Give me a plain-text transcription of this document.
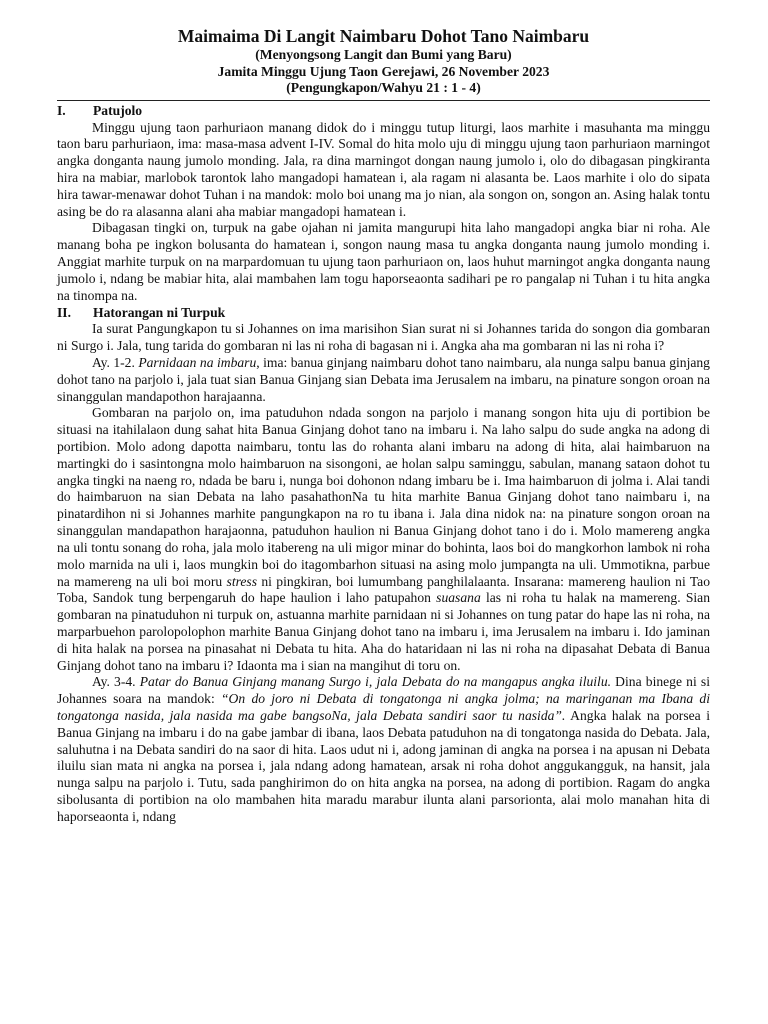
Maimaima Di Langit Naimbaru Dohot Tano Naimbaru
(Menyongsong Langit dan Bumi yang Baru)
Jamita Minggu Ujung Taon Gerejawi, 26 November 2023
(Pengungkapon/Wahyu 21 : 1 - 4)
I. Patujolo

Minggu ujung taon parhuriaon manang didok do i minggu tutup liturgi, laos marhite i masuhanta ma minggu taon baru parhuriaon, ima: masa-masa advent I-IV. Somal do hita molo uju di minggu ujung taon parhuriaon marningot angka donganta naung jumolo monding. Jala, ra dina marningot dongan naung jumolo i, olo do dibagasan pingkiranta hira na mabiar, marlobok tarontok laho mangadopi hamatean i, ala ragam ni alasanta be. Laos marhite i olo do sipata hira tawar-menawar dohot Tuhan i na mandok: molo boi unang ma jo nian, ala songon on, songon an. Asing halak tontu asing be do ra alasanna alani aha mabiar mangadopi hamatean i.

Dibagasan tingki on, turpuk na gabe ojahan ni jamita mangurupi hita laho mangadopi angka biar ni roha. Ale manang boha pe ingkon bolusanta do hamatean i, songon naung masa tu angka donganta naung jumolo monding i. Anggiat marhite turpuk on na marpardomuan tu ujung taon parhuriaon on, laos huhut marningot angka donganta naung jumolo i, ndang be mabiar hita, alai mambahen lam togu haporseaonta sadihari pe ro pangalap ni Tuhan i tu hita angka na tinompa na.

II. Hatorangan ni Turpuk

Ia surat Pangungkapon tu si Johannes on ima marisihon Sian surat ni si Johannes tarida do songon dia gombaran ni Surgo i. Jala, tung tarida do gombaran ni las ni roha di bagasan ni i. Angka aha ma gombaran ni las ni roha i?

Ay. 1-2. Parnidaan na imbaru, ima: banua ginjang naimbaru dohot tano naimbaru, ala nunga salpu banua ginjang dohot tano na parjolo i, jala tuat sian Banua Ginjang sian Debata ima Jerusalem na imbaru, na pinature songon oroan na sinanggulan mandapothon harajaanna.

Gombaran na parjolo on, ima patuduhon ndada songon na parjolo i manang songon hita uju di portibion be situasi na itahilalaon dung sahat hita Banua Ginjang dohot tano na imbaru i. Na laho salpu do sude angka na adong di portibion. Molo adong dapotta naimbaru, tontu las do rohanta alani imbaru na adong di hita, alai haimbaruon na martingki do i sasintongna molo haimbaruon na sisongoni, ae holan salpu saminggu, sabulan, manang sataon dohot tu angka tingki na naeng ro, ndada be baru i, nunga boi dohonon ndang imbaru be i. Ima haimbaruon di jolma i. Alai tandi do haimbaruon na sian Debata na laho pasahathonNa tu hita marhite Banua Ginjang dohot tano naimbaru i, na pinatardihon ni si Johannes marhite pangungkapon na ro tu ibana i. Jala dina nidok na: na pinature songon oroan na sinanggulan mandapathon harajaonna, patuduhon haulion ni Banua Ginjang dohot tano i do i. Molo mamereng angka na uli tontu sonang do roha, jala molo itabereng na uli migor minar do bohinta, laos boi do mangkorhon lambok ni roha molo marnida na uli i, laos mungkin boi do itagombarhon situasi na asing molo jumpangta na uli. Ummotikna, parbue na mamereng na uli boi moru stress ni pingkiran, boi lumumbang panghilalaanta. Insarana: mamereng haulion ni Tao Toba, Sandok tung berpengaruh do hape haulion i laho patupahon suasana las ni roha tu halak na mamereng. Sian gombaran na pinatuduhon ni turpuk on, astuanna marhite parnidaan ni si Johannes on tung patar do hape las ni roha, na marparbuehon parolopolophon marhite Banua Ginjang dohot tano na imbaru i, ima Jerusalem na imbaru i. Ido jaminan di hita halak na porsea na pinasahat ni Debata tu hita. Aha do hataridaan ni las ni roha na dipasahat Debata di Banua Ginjang dohot tano na imbaru i? Idaonta ma i sian na mangihut di toru on.

Ay. 3-4. Patar do Banua Ginjang manang Surgo i, jala Debata do na mangapus angka iluilu. Dina binege ni si Johannes soara na mandok: “On do joro ni Debata di tongatonga ni angka jolma; na maringanan ma Ibana di tongatonga nasida, jala nasida ma gabe bangsoNa, jala Debata sandiri saor tu nasida”. Angka halak na porsea i Banua Ginjang na imbaru i do na gabe jambar di ibana, laos Debata patuduhon na di tongatonga nasida do Debata. Jala, saluhutna i na Debata sandiri do na saor di hita. Laos udut ni i, adong jaminan di angka na porsea i na apusan ni Debata iluilu sian mata ni angka na porsea i, jala ndang adong hamatean, arsak ni roha dohot anggukangguk, na hansit, jala nunga salpu na parjolo i. Tutu, sada panghirimon do on hita angka na porsea, na adong di portibion. Ragam do angka sibolusanta di portibion na olo mambahen hita maradu marabur ilunta alani parsorionta, alai molo manahan hita di haporseaonta i, ndang
